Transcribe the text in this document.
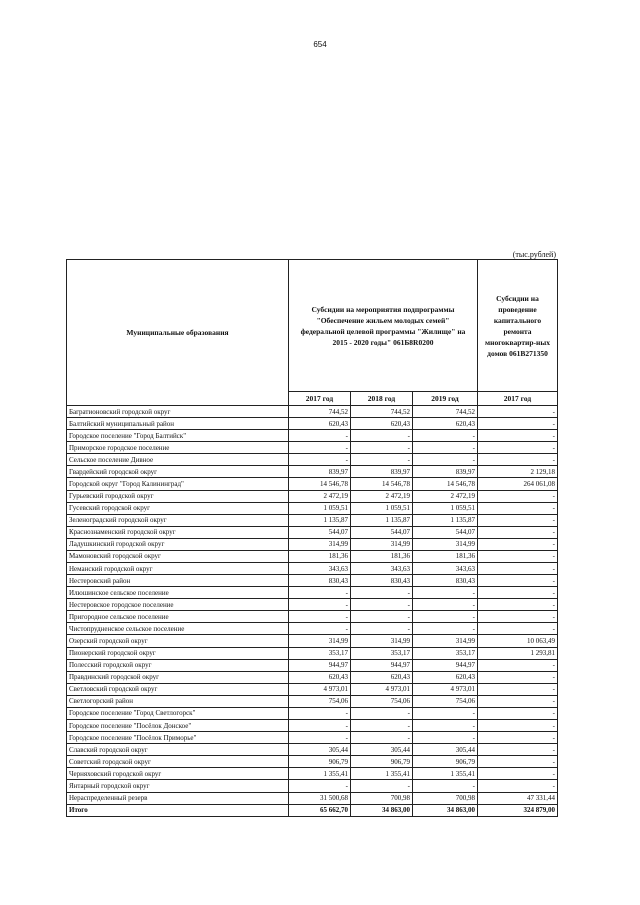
654
(тыс.рублей)
Муниципальные образования	Субсидии на мероприятия подпрограммы "Обеспечение жильем молодых семей" федеральной целевой программы "Жилище" на 2015 - 2020 годы" 061Б8R0200			Субсидии на проведение капитального ремонта многоквартир-ных домов 061В271350
	2017 год	2018 год	2019 год	2017 год
Багратионовский городской округ	744,52	744,52	744,52	-
Балтийский муниципальный район	620,43	620,43	620,43	-
Городское поселение "Город Балтийск"	-	-	-	-
Приморское городское поселение	-	-	-	-
Сельское поселение Дивное	-	-	-	-
Гвардейский городской округ	839,97	839,97	839,97	2 129,18
Городской округ "Город Калининград"	14 546,78	14 546,78	14 546,78	264 061,08
Гурьевский городской округ	2 472,19	2 472,19	2 472,19	-
Гусевский городской округ	1 059,51	1 059,51	1 059,51	-
Зеленоградский городской округ	1 135,87	1 135,87	1 135,87	-
Краснознаменский городской округ	544,07	544,07	544,07	-
Ладушкинский городской округ	314,99	314,99	314,99	-
Мамоновский городской округ	181,36	181,36	181,36	-
Неманский городской округ	343,63	343,63	343,63	-
Нестеровский район	830,43	830,43	830,43	-
Илюшинское сельское поселение	-	-	-	-
Нестеровское городское поселение	-	-	-	-
Пригородное сельское поселение	-	-	-	-
Чистопрудненское сельское поселение	-	-	-	-
Озерский городской округ	314,99	314,99	314,99	10 063,49
Пионерский городской округ	353,17	353,17	353,17	1 293,81
Полесский городской округ	944,97	944,97	944,97	-
Правдинский городской округ	620,43	620,43	620,43	-
Светловский городской округ	4 973,01	4 973,01	4 973,01	-
Светлогорский район	754,06	754,06	754,06	-
Городское поселение "Город Светлогорск"	-	-	-	-
Городское поселение "Посёлок Донское"	-	-	-	-
Городское поселение "Посёлок Приморье"	-	-	-	-
Славский городской округ	305,44	305,44	305,44	-
Советский городской округ	906,79	906,79	906,79	-
Черняховский городской округ	1 355,41	1 355,41	1 355,41	-
Янтарный городской округ	-	-	-	-
Нераспределенный резерв	31 500,68	700,98	700,98	47 331,44
Итого	65 662,70	34 863,00	34 863,00	324 879,00
